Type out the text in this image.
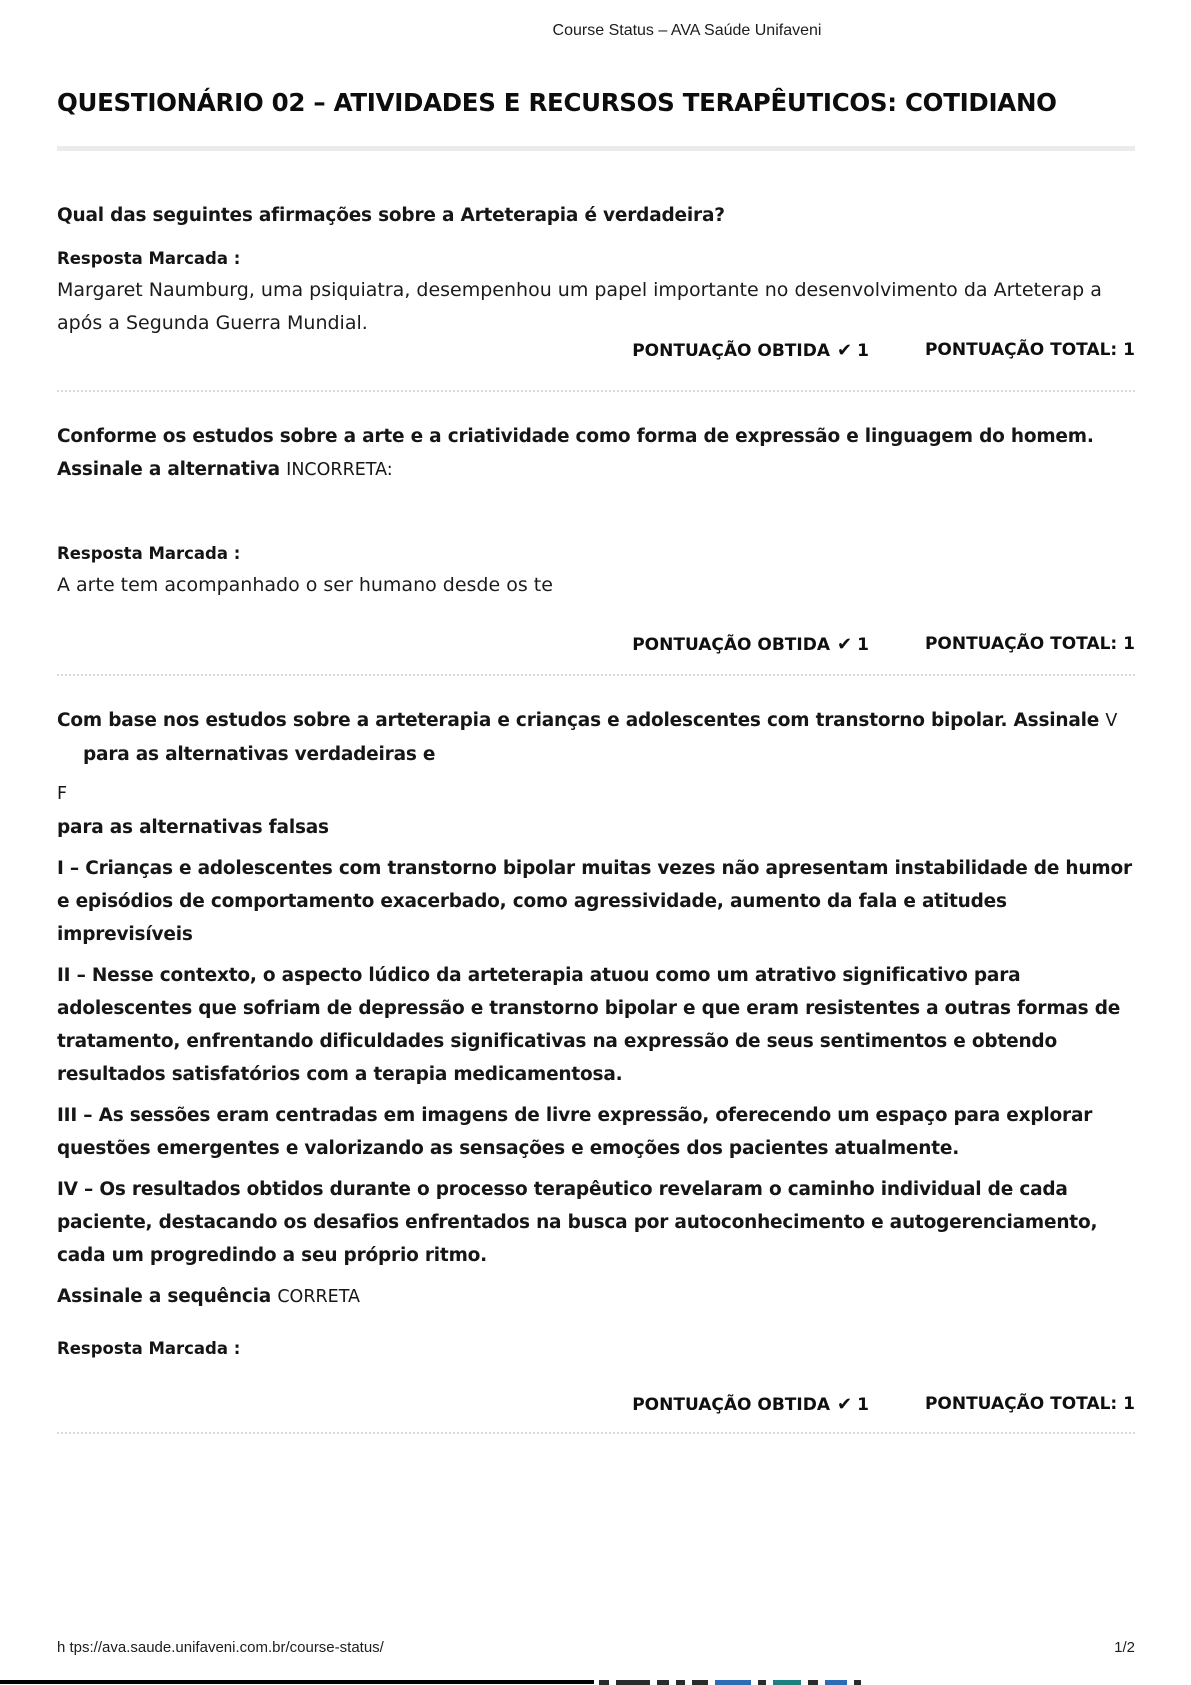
Course Status – AVA Saúde Unifaveni
QUESTIONÁRIO 02 – ATIVIDADES E RECURSOS TERAPÊUTICOS: COTIDIANO

Qual das seguintes afirmações sobre a Arteterapia é verdadeira?

Resposta Marcada :

Margaret Naumburg, uma psiquiatra, desempenhou um papel importante no desenvolvimento da Arteterap a após a Segunda Guerra Mundial.

PONTUAÇÃO OBTIDA ✔ 1	PONTUAÇÃO TOTAL: 1

Conforme os estudos sobre a arte e a criatividade como forma de expressão e linguagem do homem. Assinale a alternativa INCORRETA:

Resposta Marcada :

A arte tem acompanhado o ser humano desde os te

PONTUAÇÃO OBTIDA ✔ 1	PONTUAÇÃO TOTAL: 1

Com base nos estudos sobre a arteterapia e crianças e adolescentes com transtorno bipolar. Assinale Vpara as alternativas verdadeiras e

F

para as alternativas falsas

I – Crianças e adolescentes com transtorno bipolar muitas vezes não apresentam instabilidade de humor e episódios de comportamento exacerbado, como agressividade, aumento da fala e atitudes imprevisíveis

II – Nesse contexto, o aspecto lúdico da arteterapia atuou como um atrativo significativo para adolescentes que sofriam de depressão e transtorno bipolar e que eram resistentes a outras formas de tratamento, enfrentando dificuldades significativas na expressão de seus sentimentos e obtendo resultados satisfatórios com a terapia medicamentosa.

III – As sessões eram centradas em imagens de livre expressão, oferecendo um espaço para explorar questões emergentes e valorizando as sensações e emoções dos pacientes atualmente.

IV – Os resultados obtidos durante o processo terapêutico revelaram o caminho individual de cada paciente, destacando os desafios enfrentados na busca por autoconhecimento e autogerenciamento, cada um progredindo a seu próprio ritmo.

Assinale a sequência CORRETA

Resposta Marcada :

PONTUAÇÃO OBTIDA ✔ 1	PONTUAÇÃO TOTAL: 1
h tps://ava.saude.unifaveni.com.br/course-status/	1/2
